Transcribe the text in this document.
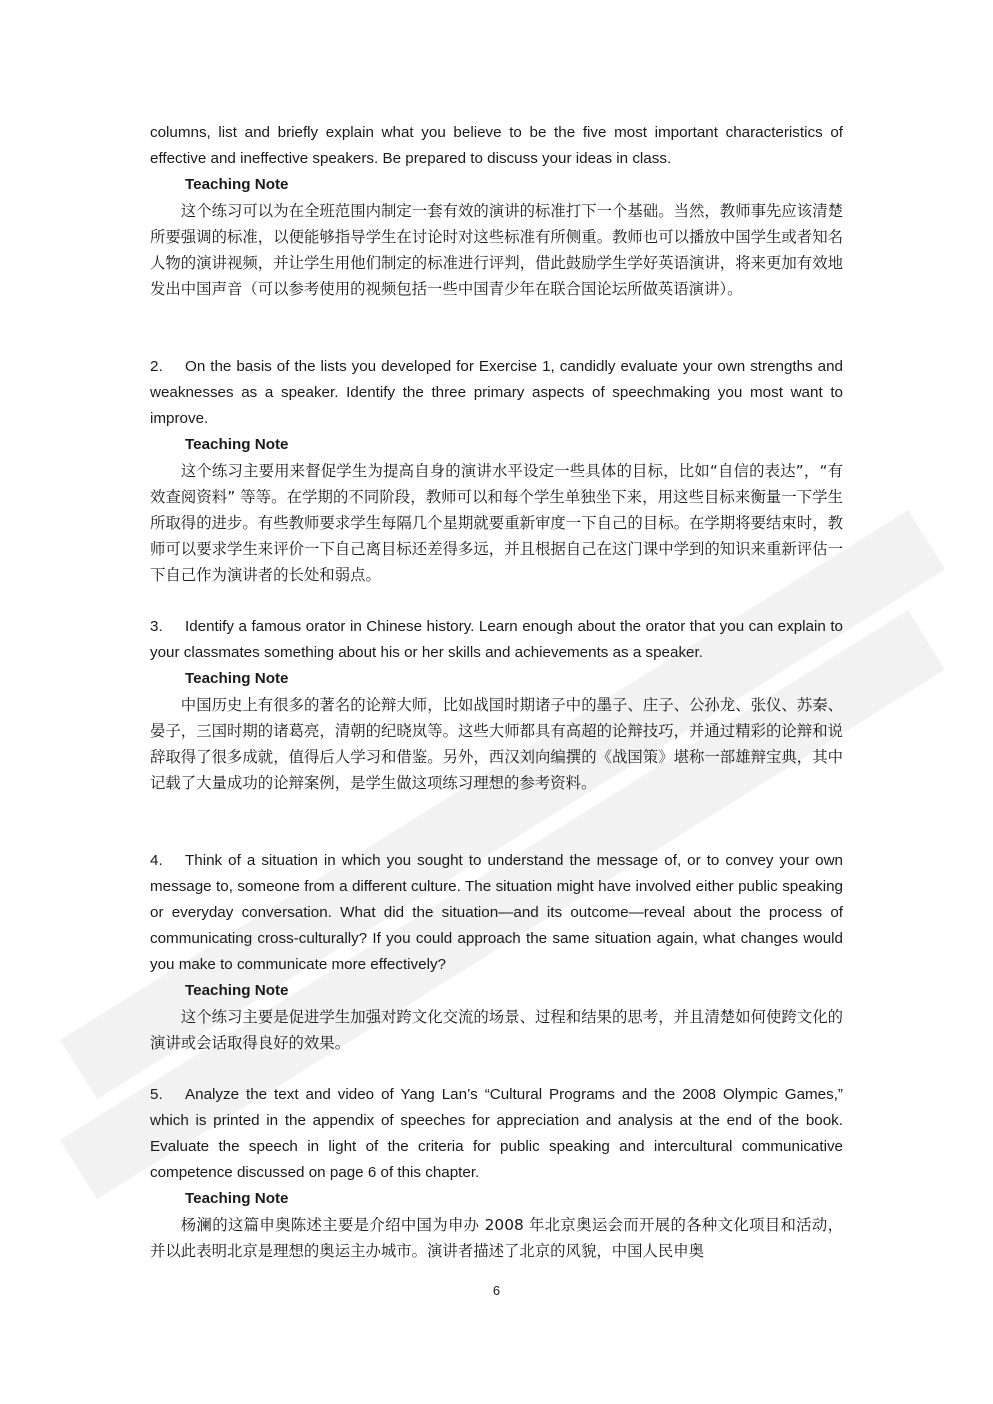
columns, list and briefly explain what you believe to be the five most important characteristics of effective and ineffective speakers. Be prepared to discuss your ideas in class.

Teaching Note

这个练习可以为在全班范围内制定一套有效的演讲的标准打下一个基础。当然，教师事先应该清楚所要强调的标准，以便能够指导学生在讨论时对这些标准有所侧重。教师也可以播放中国学生或者知名人物的演讲视频，并让学生用他们制定的标准进行评判，借此鼓励学生学好英语演讲，将来更加有效地发出中国声音（可以参考使用的视频包括一些中国青少年在联合国论坛所做英语演讲）。

2. On the basis of the lists you developed for Exercise 1, candidly evaluate your own strengths and weaknesses as a speaker. Identify the three primary aspects of speechmaking you most want to improve.

Teaching Note

这个练习主要用来督促学生为提高自身的演讲水平设定一些具体的目标，比如“自信的表达”，“有效查阅资料” 等等。在学期的不同阶段，教师可以和每个学生单独坐下来，用这些目标来衡量一下学生所取得的进步。有些教师要求学生每隔几个星期就要重新审度一下自己的目标。在学期将要结束时，教师可以要求学生来评价一下自己离目标还差得多远，并且根据自己在这门课中学到的知识来重新评估一下自己作为演讲者的长处和弱点。

3. Identify a famous orator in Chinese history. Learn enough about the orator that you can explain to your classmates something about his or her skills and achievements as a speaker.

Teaching Note

中国历史上有很多的著名的论辩大师，比如战国时期诸子中的墨子、庄子、公孙龙、张仪、苏秦、晏子，三国时期的诸葛亮，清朝的纪晓岚等。这些大师都具有高超的论辩技巧，并通过精彩的论辩和说辞取得了很多成就，值得后人学习和借鉴。另外，西汉刘向编撰的《战国策》堪称一部雄辩宝典，其中记载了大量成功的论辩案例，是学生做这项练习理想的参考资料。

4. Think of a situation in which you sought to understand the message of, or to convey your own message to, someone from a different culture. The situation might have involved either public speaking or everyday conversation. What did the situation—and its outcome—reveal about the process of communicating cross-culturally? If you could approach the same situation again, what changes would you make to communicate more effectively?

Teaching Note

这个练习主要是促进学生加强对跨文化交流的场景、过程和结果的思考，并且清楚如何使跨文化的演讲或会话取得良好的效果。

5. Analyze the text and video of Yang Lan’s “Cultural Programs and the 2008 Olympic Games,” which is printed in the appendix of speeches for appreciation and analysis at the end of the book. Evaluate the speech in light of the criteria for public speaking and intercultural communicative competence discussed on page 6 of this chapter.

Teaching Note

杨澜的这篇申奥陈述主要是介绍中国为申办 2008 年北京奥运会而开展的各种文化项目和活动，并以此表明北京是理想的奥运主办城市。演讲者描述了北京的风貌，中国人民申奥

6
